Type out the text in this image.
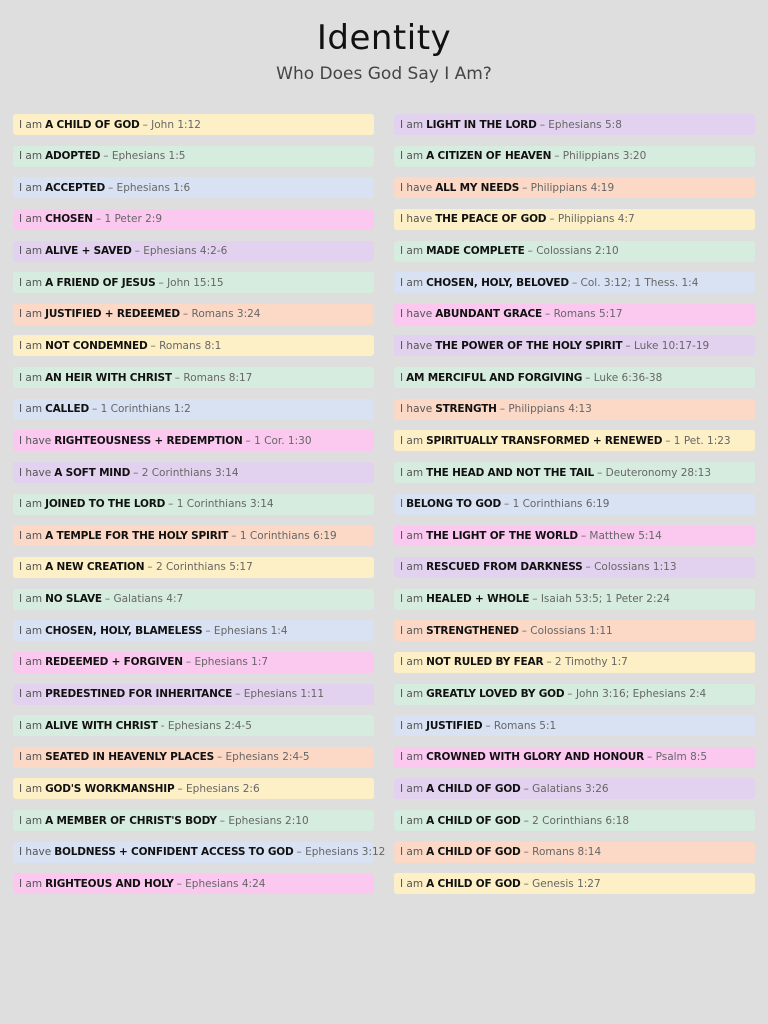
Identity
Who Does God Say I Am?
I am A CHILD OF GOD – John 1:12
I am ADOPTED – Ephesians 1:5
I am ACCEPTED – Ephesians 1:6
I am CHOSEN – 1 Peter 2:9
I am ALIVE + SAVED – Ephesians 4:2-6
I am A FRIEND OF JESUS – John 15:15
I am JUSTIFIED + REDEEMED – Romans 3:24
I am NOT CONDEMNED – Romans 8:1
I am AN HEIR WITH CHRIST – Romans 8:17
I am CALLED – 1 Corinthians 1:2
I have RIGHTEOUSNESS + REDEMPTION – 1 Cor. 1:30
I have A SOFT MIND – 2 Corinthians 3:14
I am JOINED TO THE LORD – 1 Corinthians 3:14
I am A TEMPLE FOR THE HOLY SPIRIT – 1 Corinthians 6:19
I am A NEW CREATION – 2 Corinthians 5:17
I am NO SLAVE – Galatians 4:7
I am CHOSEN, HOLY, BLAMELESS – Ephesians 1:4
I am REDEEMED + FORGIVEN – Ephesians 1:7
I am PREDESTINED FOR INHERITANCE – Ephesians 1:11
I am ALIVE WITH CHRIST - Ephesians 2:4-5
I am SEATED IN HEAVENLY PLACES – Ephesians 2:4-5
I am GOD'S WORKMANSHIP – Ephesians 2:6
I am A MEMBER OF CHRIST'S BODY – Ephesians 2:10
I have BOLDNESS + CONFIDENT ACCESS TO GOD – Ephesians 3:12
I am RIGHTEOUS AND HOLY – Ephesians 4:24
I am LIGHT IN THE LORD – Ephesians 5:8
I am A CITIZEN OF HEAVEN – Philippians 3:20
I have ALL MY NEEDS – Philippians 4:19
I have THE PEACE OF GOD – Philippians 4:7
I am MADE COMPLETE – Colossians 2:10
I am CHOSEN, HOLY, BELOVED – Col. 3:12; 1 Thess. 1:4
I have ABUNDANT GRACE – Romans 5:17
I have THE POWER OF THE HOLY SPIRIT – Luke 10:17-19
I AM MERCIFUL AND FORGIVING – Luke 6:36-38
I have STRENGTH – Philippians 4:13
I am SPIRITUALLY TRANSFORMED + RENEWED – 1 Pet. 1:23
I am THE HEAD AND NOT THE TAIL – Deuteronomy 28:13
I BELONG TO GOD – 1 Corinthians 6:19
I am THE LIGHT OF THE WORLD – Matthew 5:14
I am RESCUED FROM DARKNESS – Colossians 1:13
I am HEALED + WHOLE – Isaiah 53:5; 1 Peter 2:24
I am STRENGTHENED – Colossians 1:11
I am NOT RULED BY FEAR – 2 Timothy 1:7
I am GREATLY LOVED BY GOD – John 3:16; Ephesians 2:4
I am JUSTIFIED – Romans 5:1
I am CROWNED WITH GLORY AND HONOUR – Psalm 8:5
I am A CHILD OF GOD – Galatians 3:26
I am A CHILD OF GOD – 2 Corinthians 6:18
I am A CHILD OF GOD – Romans 8:14
I am A CHILD OF GOD – Genesis 1:27
